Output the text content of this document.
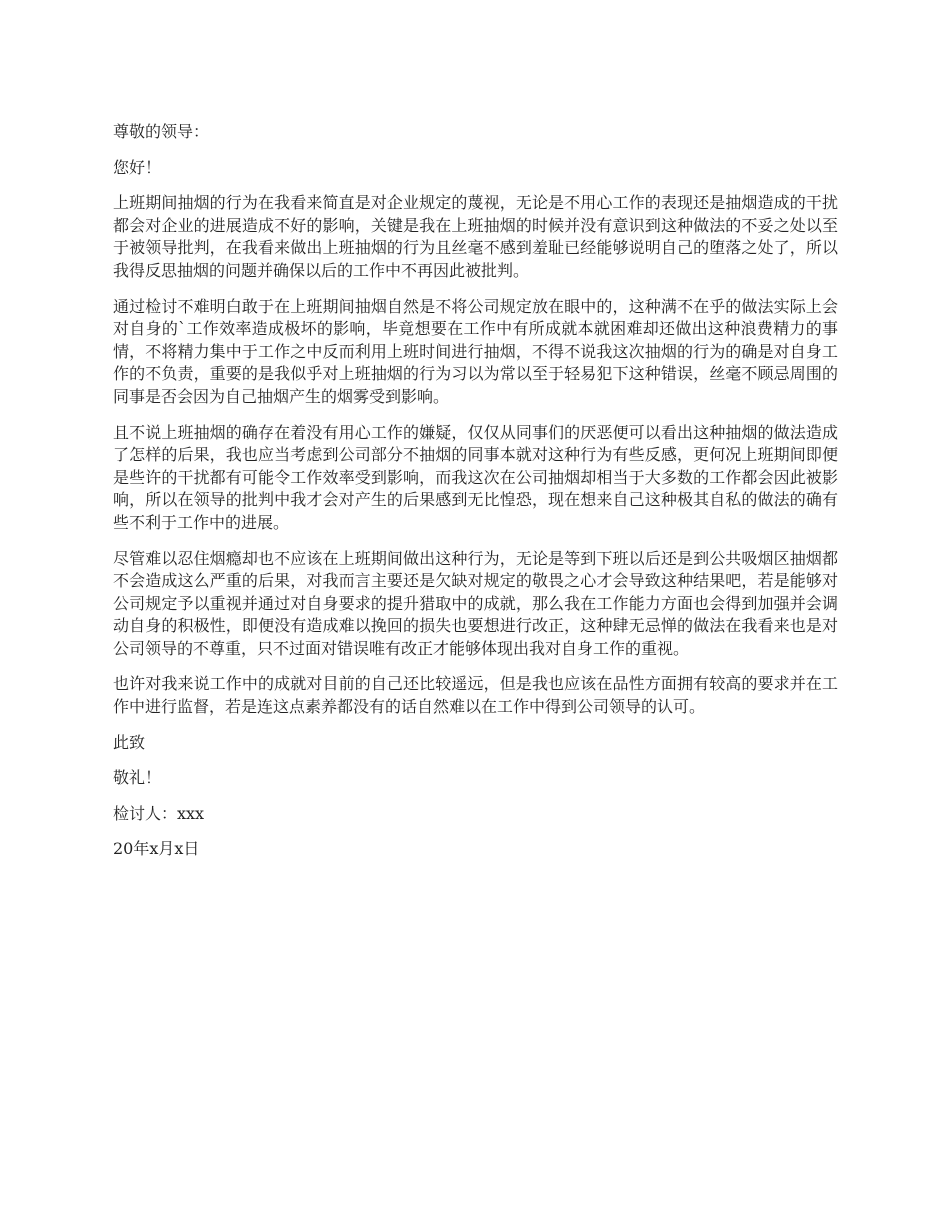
尊敬的领导：

您好！

上班期间抽烟的行为在我看来简直是对企业规定的蔑视，无论是不用心工作的表现还是抽烟造成的干扰都会对企业的进展造成不好的影响，关键是我在上班抽烟的时候并没有意识到这种做法的不妥之处以至于被领导批判，在我看来做出上班抽烟的行为且丝毫不感到羞耻已经能够说明自己的堕落之处了，所以我得反思抽烟的问题并确保以后的工作中不再因此被批判。

通过检讨不难明白敢于在上班期间抽烟自然是不将公司规定放在眼中的，这种满不在乎的做法实际上会对自身的`工作效率造成极坏的影响，毕竟想要在工作中有所成就本就困难却还做出这种浪费精力的事情，不将精力集中于工作之中反而利用上班时间进行抽烟，不得不说我这次抽烟的行为的确是对自身工作的不负责，重要的是我似乎对上班抽烟的行为习以为常以至于轻易犯下这种错误，丝毫不顾忌周围的同事是否会因为自己抽烟产生的烟雾受到影响。

且不说上班抽烟的确存在着没有用心工作的嫌疑，仅仅从同事们的厌恶便可以看出这种抽烟的做法造成了怎样的后果，我也应当考虑到公司部分不抽烟的同事本就对这种行为有些反感，更何况上班期间即便是些许的干扰都有可能令工作效率受到影响，而我这次在公司抽烟却相当于大多数的工作都会因此被影响，所以在领导的批判中我才会对产生的后果感到无比惶恐，现在想来自己这种极其自私的做法的确有些不利于工作中的进展。

尽管难以忍住烟瘾却也不应该在上班期间做出这种行为，无论是等到下班以后还是到公共吸烟区抽烟都不会造成这么严重的后果，对我而言主要还是欠缺对规定的敬畏之心才会导致这种结果吧，若是能够对公司规定予以重视并通过对自身要求的提升猎取中的成就，那么我在工作能力方面也会得到加强并会调动自身的积极性，即便没有造成难以挽回的损失也要想进行改正，这种肆无忌惮的做法在我看来也是对公司领导的不尊重，只不过面对错误唯有改正才能够体现出我对自身工作的重视。

也许对我来说工作中的成就对目前的自己还比较遥远，但是我也应该在品性方面拥有较高的要求并在工作中进行监督，若是连这点素养都没有的话自然难以在工作中得到公司领导的认可。

此致

敬礼！

检讨人：xxx

20年x月x日
